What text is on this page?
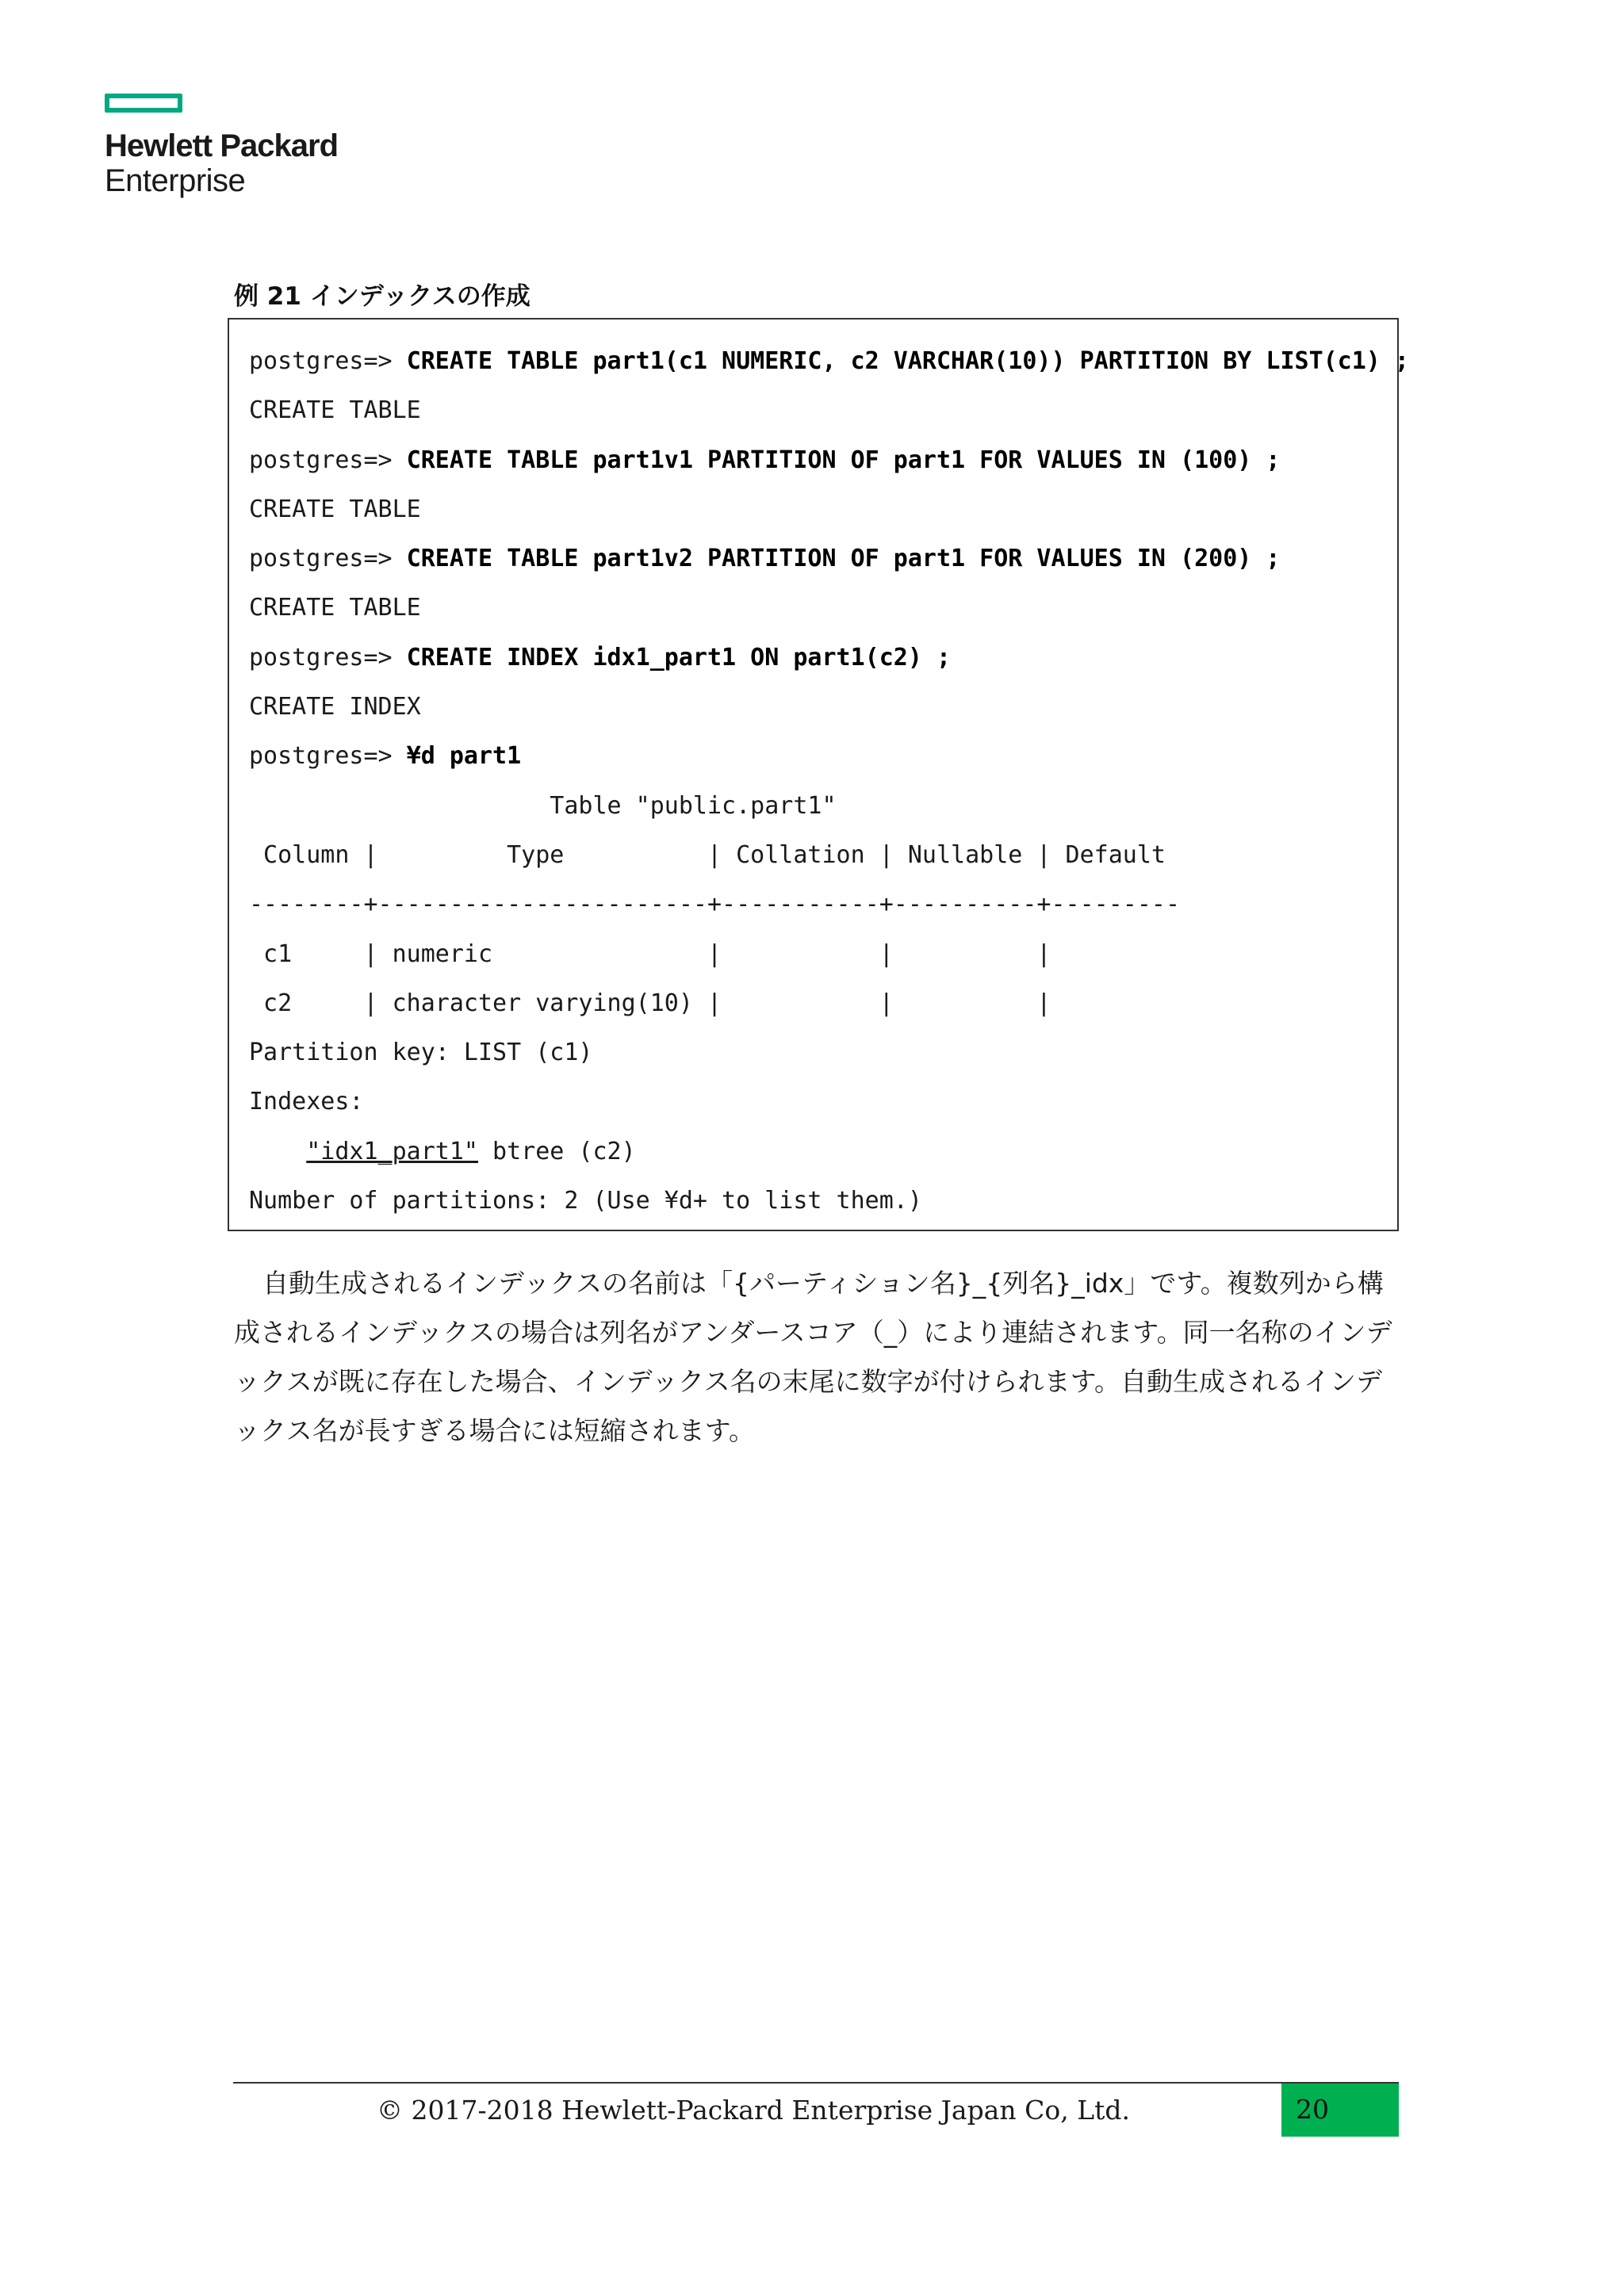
Hewlett Packard
Enterprise
例 21 インデックスの作成
postgres=> CREATE TABLE part1(c1 NUMERIC, c2 VARCHAR(10)) PARTITION BY LIST(c1) ;
CREATE TABLE
postgres=> CREATE TABLE part1v1 PARTITION OF part1 FOR VALUES IN (100) ;
CREATE TABLE
postgres=> CREATE TABLE part1v2 PARTITION OF part1 FOR VALUES IN (200) ;
CREATE TABLE
postgres=> CREATE INDEX idx1_part1 ON part1(c2) ;
CREATE INDEX
postgres=> ¥d part1
Table "public.part1"
Column |         Type          | Collation | Nullable | Default
--------+-----------------------+-----------+----------+---------
c1     | numeric               |           |          |
c2     | character varying(10) |           |          |
Partition key: LIST (c1)
Indexes:
"idx1_part1" btree (c2)
Number of partitions: 2 (Use ¥d+ to list them.)

自動生成されるインデックスの名前は「{パーティション名}_{列名}_idx」です。複数列から構成されるインデックスの場合は列名がアンダースコア（_）により連結されます。同一名称のインデックスが既に存在した場合、インデックス名の末尾に数字が付けられます。自動生成されるインデックス名が長すぎる場合には短縮されます。

© 2017-2018 Hewlett-Packard Enterprise Japan Co, Ltd.	20
